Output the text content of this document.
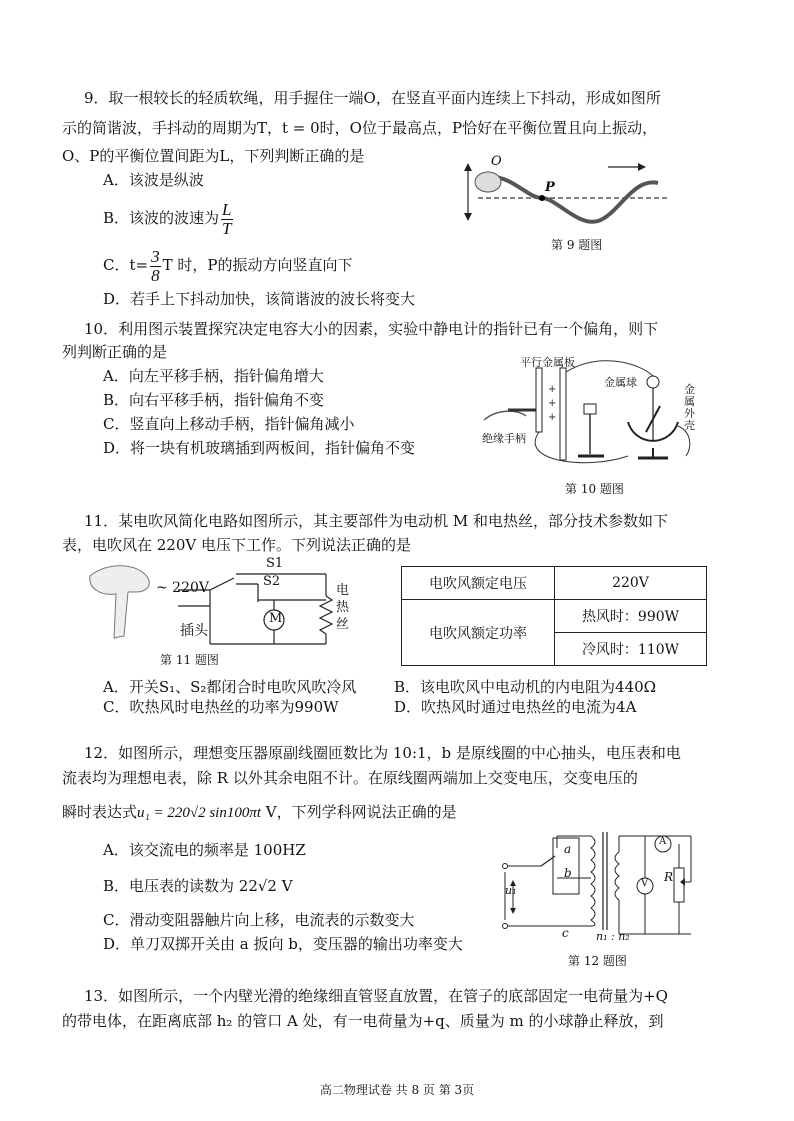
9．取一根较长的轻质软绳，用手握住一端O，在竖直平面内连续上下抖动，形成如图所
示的简谐波，手抖动的周期为T，t = 0时，O位于最高点，P恰好在平衡位置且向上振动，
O、P的平衡位置间距为L，下列判断正确的是
A．该波是纵波
B．该波的波速为 $\frac{L}{T}$
C．$t= \frac{3}{8}$ T 时，P的振动方向竖直向下
D．若手上下抖动加快，该简谐波的波长将变大
O
P
第 9 题图
10．利用图示装置探究决定电容大小的因素，实验中静电计的指针已有一个偏角，则下
列判断正确的是
A．向左平移手柄，指针偏角增大
B．向右平移手柄，指针偏角不变
C．竖直向上移动手柄，指针偏角减小
D．将一块有机玻璃插到两板间，指针偏角不变
+
+
+
平行金属板
金属球
金属外壳
绝缘手柄
第 10 题图
11．某电吹风简化电路如图所示，其主要部件为电动机 M 和电热丝，部分技术参数如下
表，电吹风在 220V 电压下工作。下列说法正确的是
~ 220V
插头
S1
S2
M
电热丝
第 11 题图
电吹风额定电压	220V
电吹风额定功率	热风时：990W
	冷风时：110W
A．开关S₁、S₂都闭合时电吹风吹冷风	B．该电吹风中电动机的内电阻为440Ω
C．吹热风时电热丝的功率为990W	D．吹热风时通过电热丝的电流为4A
12．如图所示，理想变压器原副线圈匝数比为 10:1，b 是原线圈的中心抽头，电压表和电
流表均为理想电表，除 R 以外其余电阻不计。在原线圈两端加上交变电压，交变电压的
瞬时表达式u₁ = 220√2 sin100πt V，下列学科网说法正确的是
A．该交流电的频率是 100HZ
B．电压表的读数为 22√2 V
C．滑动变阻器触片向上移，电流表的示数变大
D．单刀双掷开关由 a 扳向 b，变压器的输出功率变大
a
b
c
u₁
n₁ : n₂
A
V R
第 12 题图
13．如图所示，一个内壁光滑的绝缘细直管竖直放置，在管子的底部固定一电荷量为+Q
的带电体，在距离底部 h₂ 的管口 A 处，有一电荷量为+q、质量为 m 的小球静止释放，到
高二物理试卷 共 8 页 第 3页
